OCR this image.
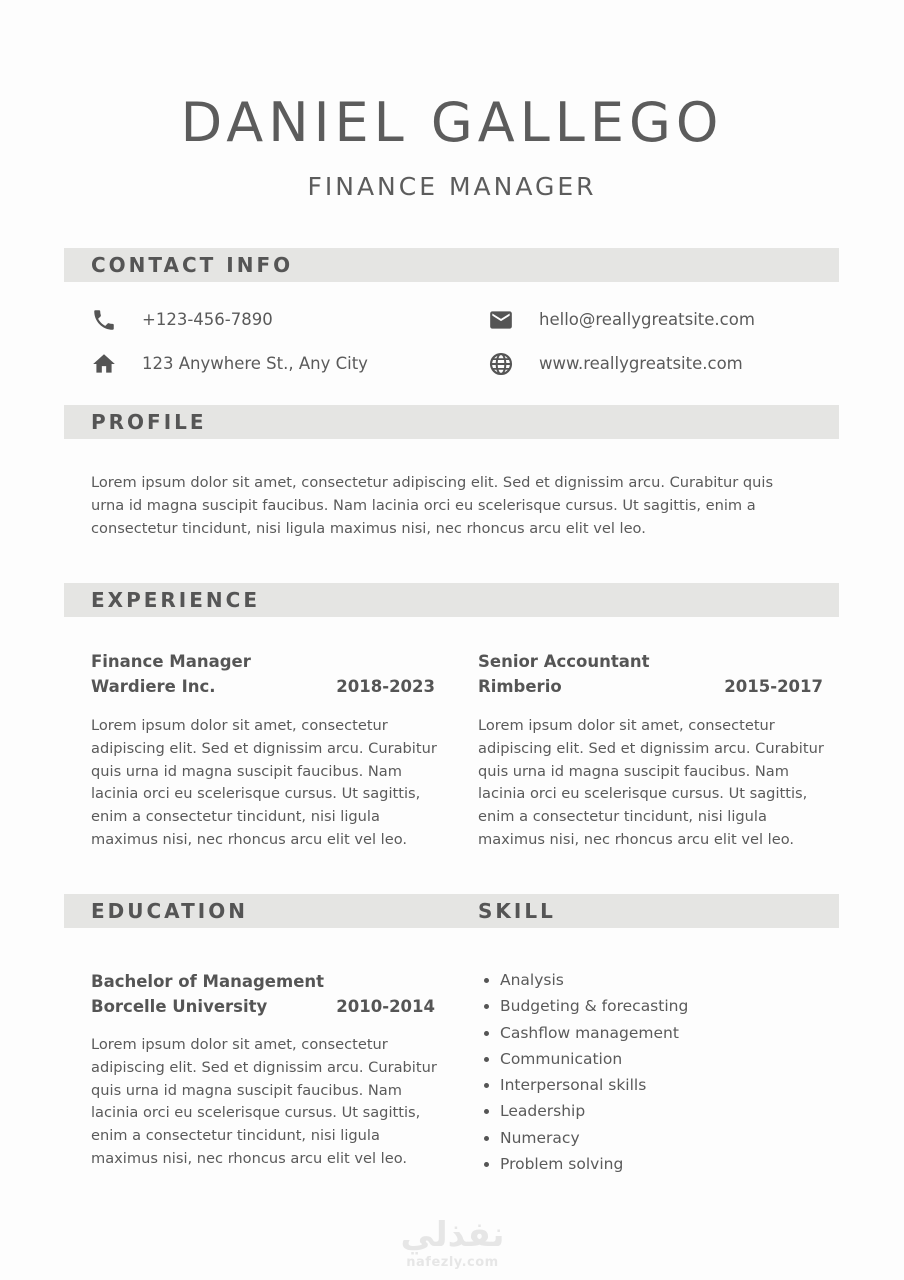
DANIEL GALLEGO
FINANCE MANAGER
CONTACT INFO
+123-456-7890
123 Anywhere St., Any City
hello@reallygreatsite.com
www.reallygreatsite.com
PROFILE
Lorem ipsum dolor sit amet, consectetur adipiscing elit. Sed et dignissim arcu. Curabitur quis urna id magna suscipit faucibus. Nam lacinia orci eu scelerisque cursus. Ut sagittis, enim a consectetur tincidunt, nisi ligula maximus nisi, nec rhoncus arcu elit vel leo.
EXPERIENCE
Finance Manager
Wardiere Inc.	2018-2023
Lorem ipsum dolor sit amet, consectetur adipiscing elit. Sed et dignissim arcu. Curabitur quis urna id magna suscipit faucibus. Nam lacinia orci eu scelerisque cursus. Ut sagittis, enim a consectetur tincidunt, nisi ligula maximus nisi, nec rhoncus arcu elit vel leo.
Senior Accountant
Rimberio	2015-2017
Lorem ipsum dolor sit amet, consectetur adipiscing elit. Sed et dignissim arcu. Curabitur quis urna id magna suscipit faucibus. Nam lacinia orci eu scelerisque cursus. Ut sagittis, enim a consectetur tincidunt, nisi ligula maximus nisi, nec rhoncus arcu elit vel leo.
EDUCATION	SKILL
Bachelor of Management
Borcelle University	2010-2014
Lorem ipsum dolor sit amet, consectetur adipiscing elit. Sed et dignissim arcu. Curabitur quis urna id magna suscipit faucibus. Nam lacinia orci eu scelerisque cursus. Ut sagittis, enim a consectetur tincidunt, nisi ligula maximus nisi, nec rhoncus arcu elit vel leo.
Analysis
Budgeting & forecasting
Cashflow management
Communication
Interpersonal skills
Leadership
Numeracy
Problem solving
نفذلي
nafezly.com
